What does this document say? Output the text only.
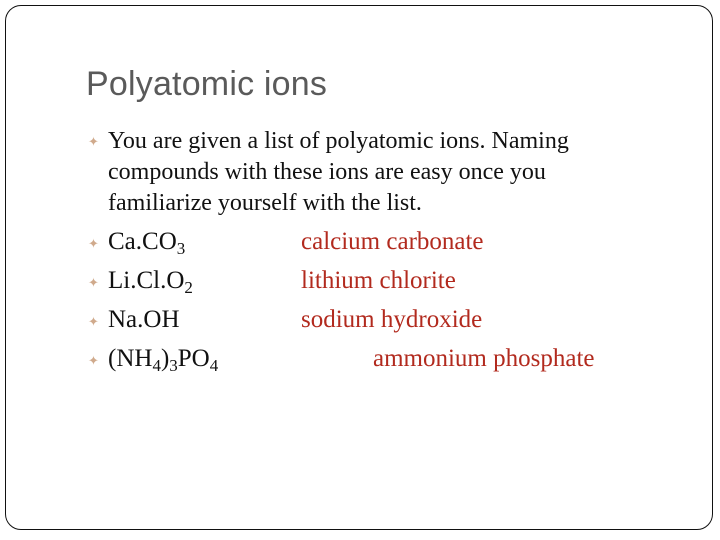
Polyatomic ions
✦ You are given a list of polyatomic ions. Naming compounds with these ions are easy once you familiarize yourself with the list.
✦ $Ca.CO_3$	calcium carbonate
✦ $Li.Cl.O_2$	lithium chlorite
✦ Na.OH	sodium hydroxide
✦ $(NH_4)_3PO_4$	ammonium phosphate
